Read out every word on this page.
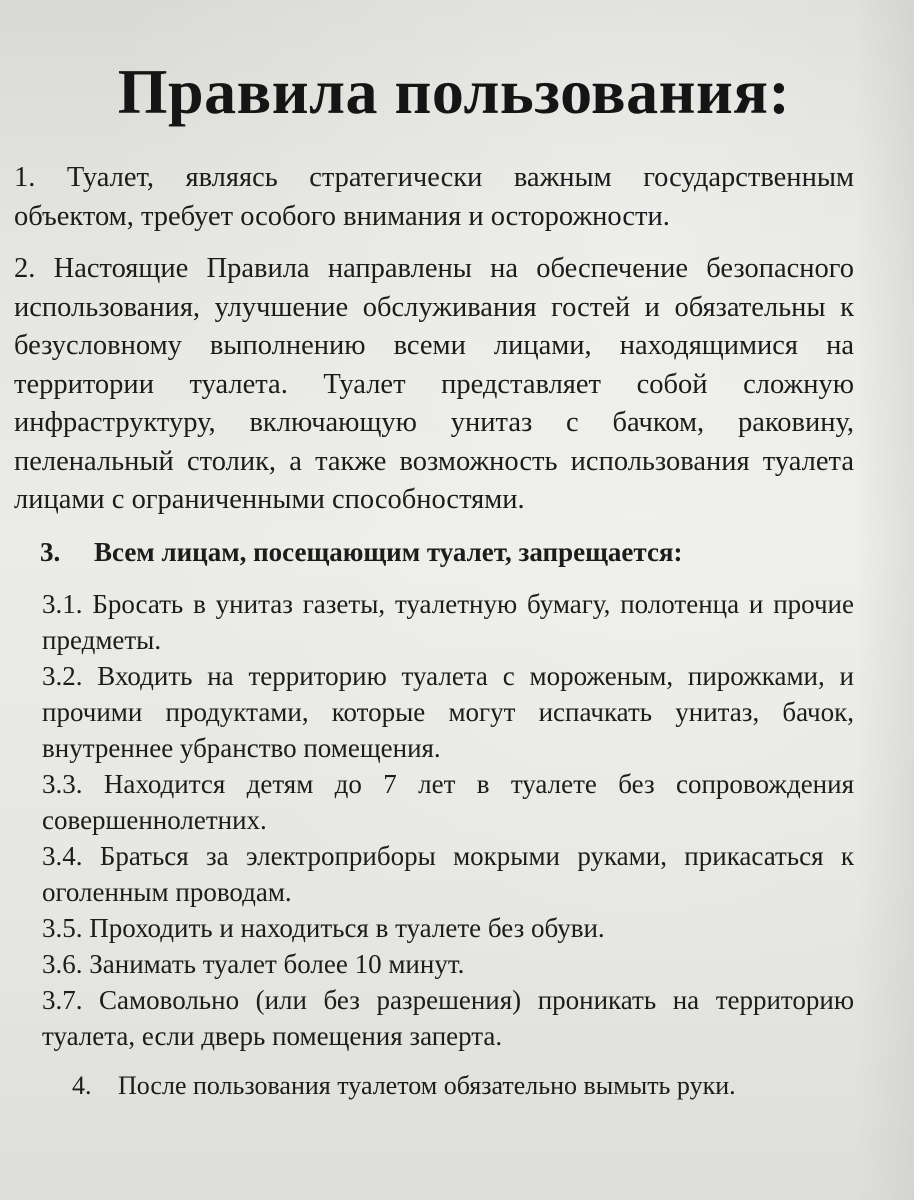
Правила пользования:

1. Туалет, являясь стратегически важным государственным объектом, требует особого внимания и осторожности.

2. Настоящие Правила направлены на обеспечение безопасного использования, улучшение обслуживания гостей и обязательны к безусловному выполнению всеми лицами, находящимися на территории туалета. Туалет представляет собой сложную инфраструктуру, включающую унитаз с бачком, раковину, пеленальный столик, а также возможность использования туалета лицами с ограниченными способностями.

3. Всем лицам, посещающим туалет, запрещается:

3.1. Бросать в унитаз газеты, туалетную бумагу, полотенца и прочие предметы.

3.2. Входить на территорию туалета с мороженым, пирожками, и прочими продуктами, которые могут испачкать унитаз, бачок, внутреннее убранство помещения.

3.3. Находится детям до 7 лет в туалете без сопровождения совершеннолетних.

3.4. Браться за электроприборы мокрыми руками, прикасаться к оголенным проводам.

3.5. Проходить и находиться в туалете без обуви.

3.6. Занимать туалет более 10 минут.

3.7. Самовольно (или без разрешения) проникать на территорию туалета, если дверь помещения заперта.

4. После пользования туалетом обязательно вымыть руки.
